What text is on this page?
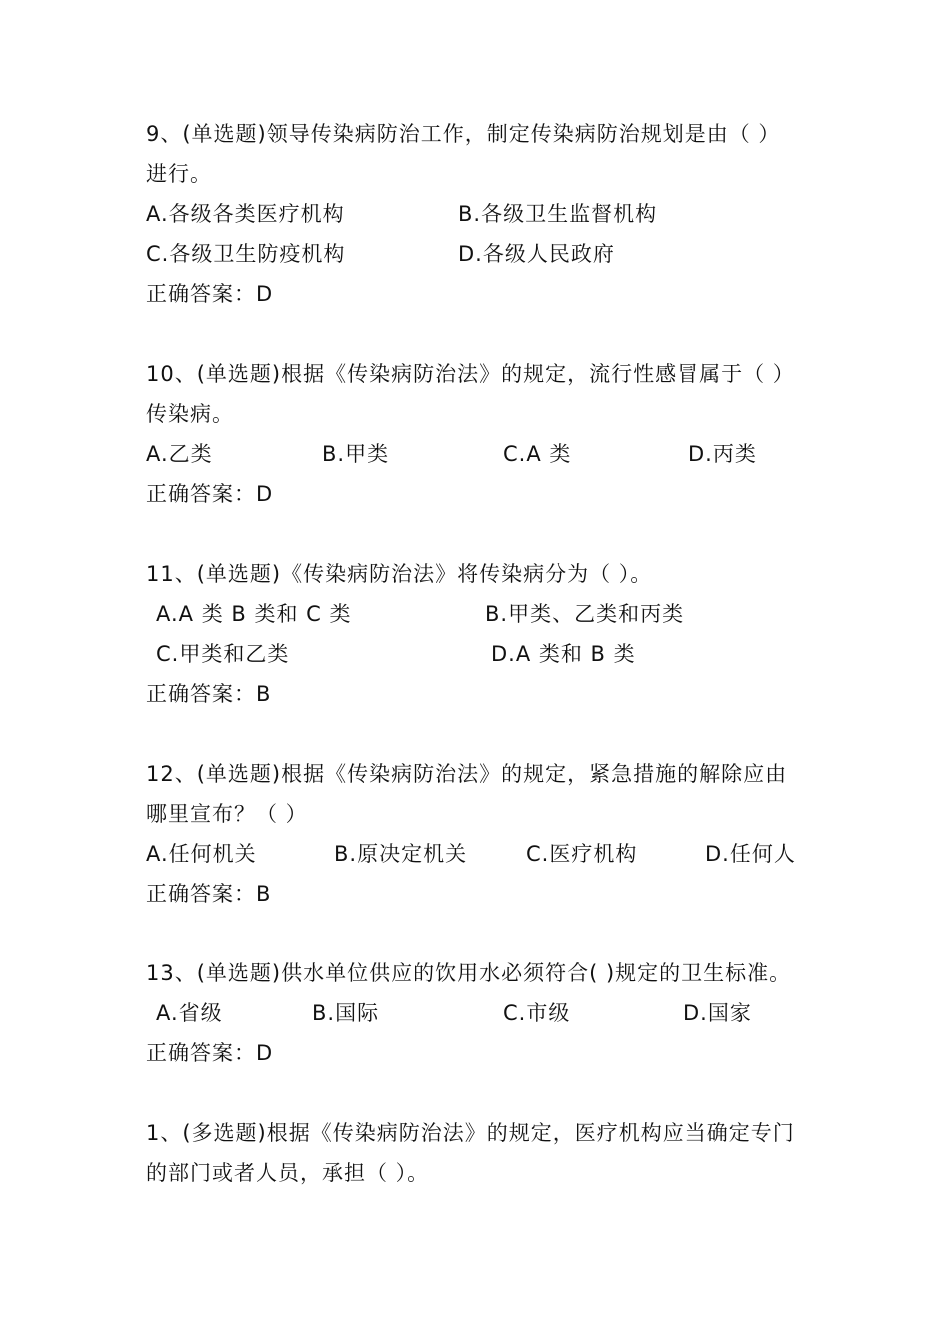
9、(单选题)领导传染病防治工作，制定传染病防治规划是由（ ）
进行。
A.各级各类医疗机构	B.各级卫生监督机构
C.各级卫生防疫机构	D.各级人民政府
正确答案：D
10、(单选题)根据《传染病防治法》的规定，流行性感冒属于（ ）
传染病。
A.乙类	B.甲类	C.A 类	D.丙类
正确答案：D
11、(单选题)《传染病防治法》将传染病分为（ ）。
A.A 类 B 类和 C 类	B.甲类、乙类和丙类
C.甲类和乙类	D.A 类和 B 类
正确答案：B
12、(单选题)根据《传染病防治法》的规定，紧急措施的解除应由
哪里宣布？（ ）
A.任何机关	B.原决定机关	C.医疗机构	D.任何人
正确答案：B
13、(单选题)供水单位供应的饮用水必须符合( )规定的卫生标准。
A.省级	B.国际	C.市级	D.国家
正确答案：D
1、(多选题)根据《传染病防治法》的规定，医疗机构应当确定专门
的部门或者人员，承担（ ）。
